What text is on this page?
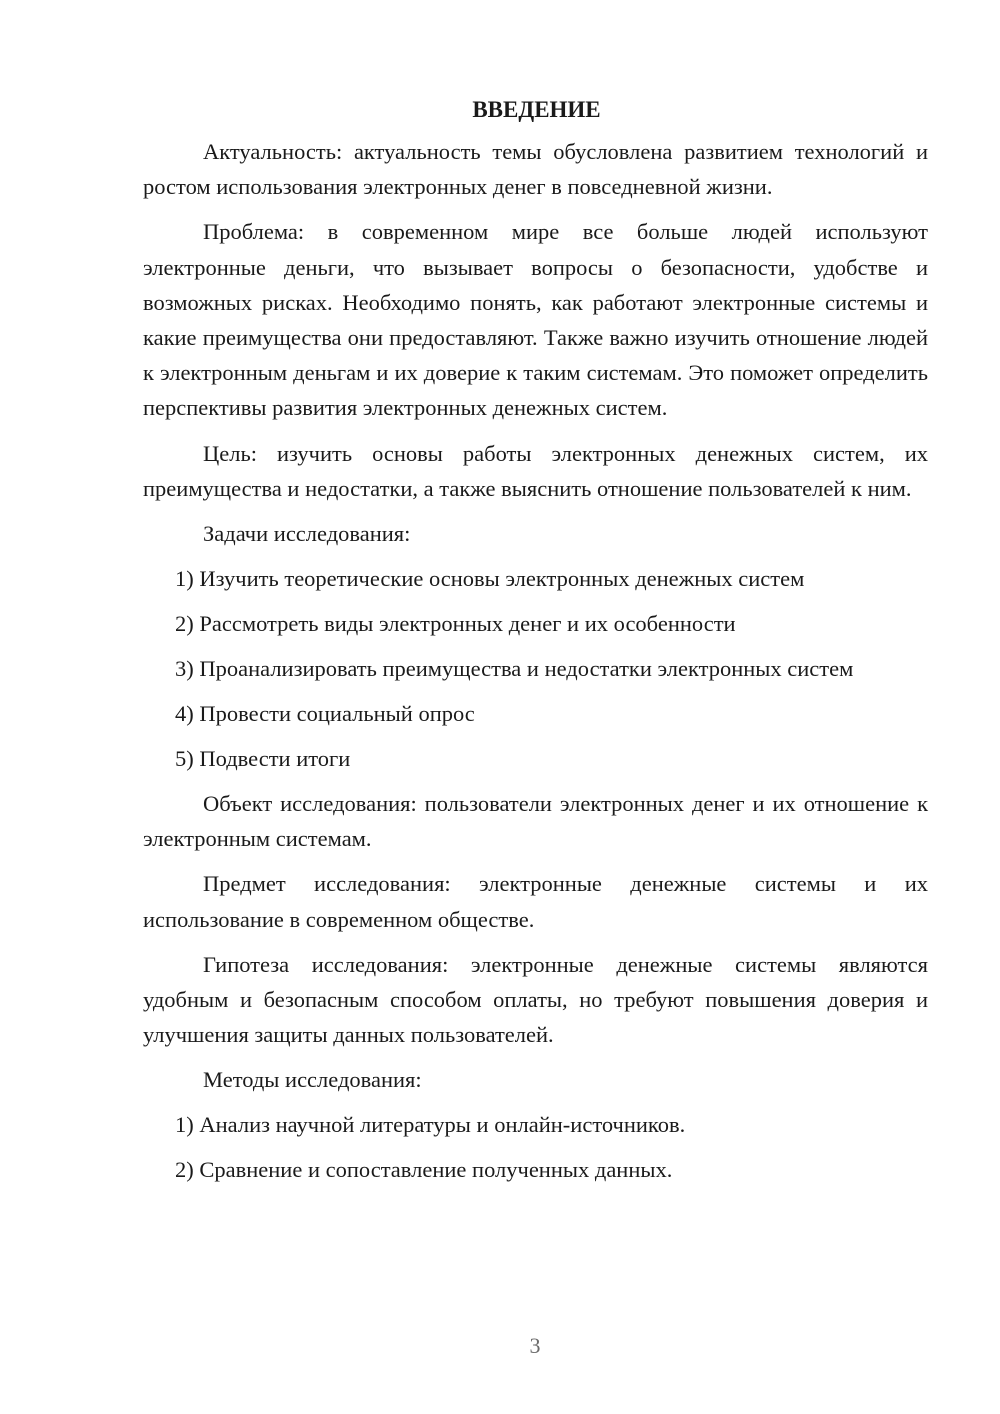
ВВЕДЕНИЕ

Актуальность: актуальность темы обусловлена развитием технологий и ростом использования электронных денег в повседневной жизни.

Проблема: в современном мире все больше людей используют электронные деньги, что вызывает вопросы о безопасности, удобстве и возможных рисках. Необходимо понять, как работают электронные системы и какие преимущества они предоставляют. Также важно изучить отношение людей к электронным деньгам и их доверие к таким системам. Это поможет определить перспективы развития электронных денежных систем.

Цель: изучить основы работы электронных денежных систем, их преимущества и недостатки, а также выяснить отношение пользователей к ним.

Задачи исследования:
1) Изучить теоретические основы электронных денежных систем
2) Рассмотреть виды электронных денег и их особенности
3) Проанализировать преимущества и недостатки электронных систем
4) Провести социальный опрос
5) Подвести итоги

Объект исследования: пользователи электронных денег и их отношение к электронным системам.

Предмет исследования: электронные денежные системы и их использование в современном обществе.

Гипотеза исследования: электронные денежные системы являются удобным и безопасным способом оплаты, но требуют повышения доверия и улучшения защиты данных пользователей.

Методы исследования:
1) Анализ научной литературы и онлайн-источников.
2) Сравнение и сопоставление полученных данных.
3
